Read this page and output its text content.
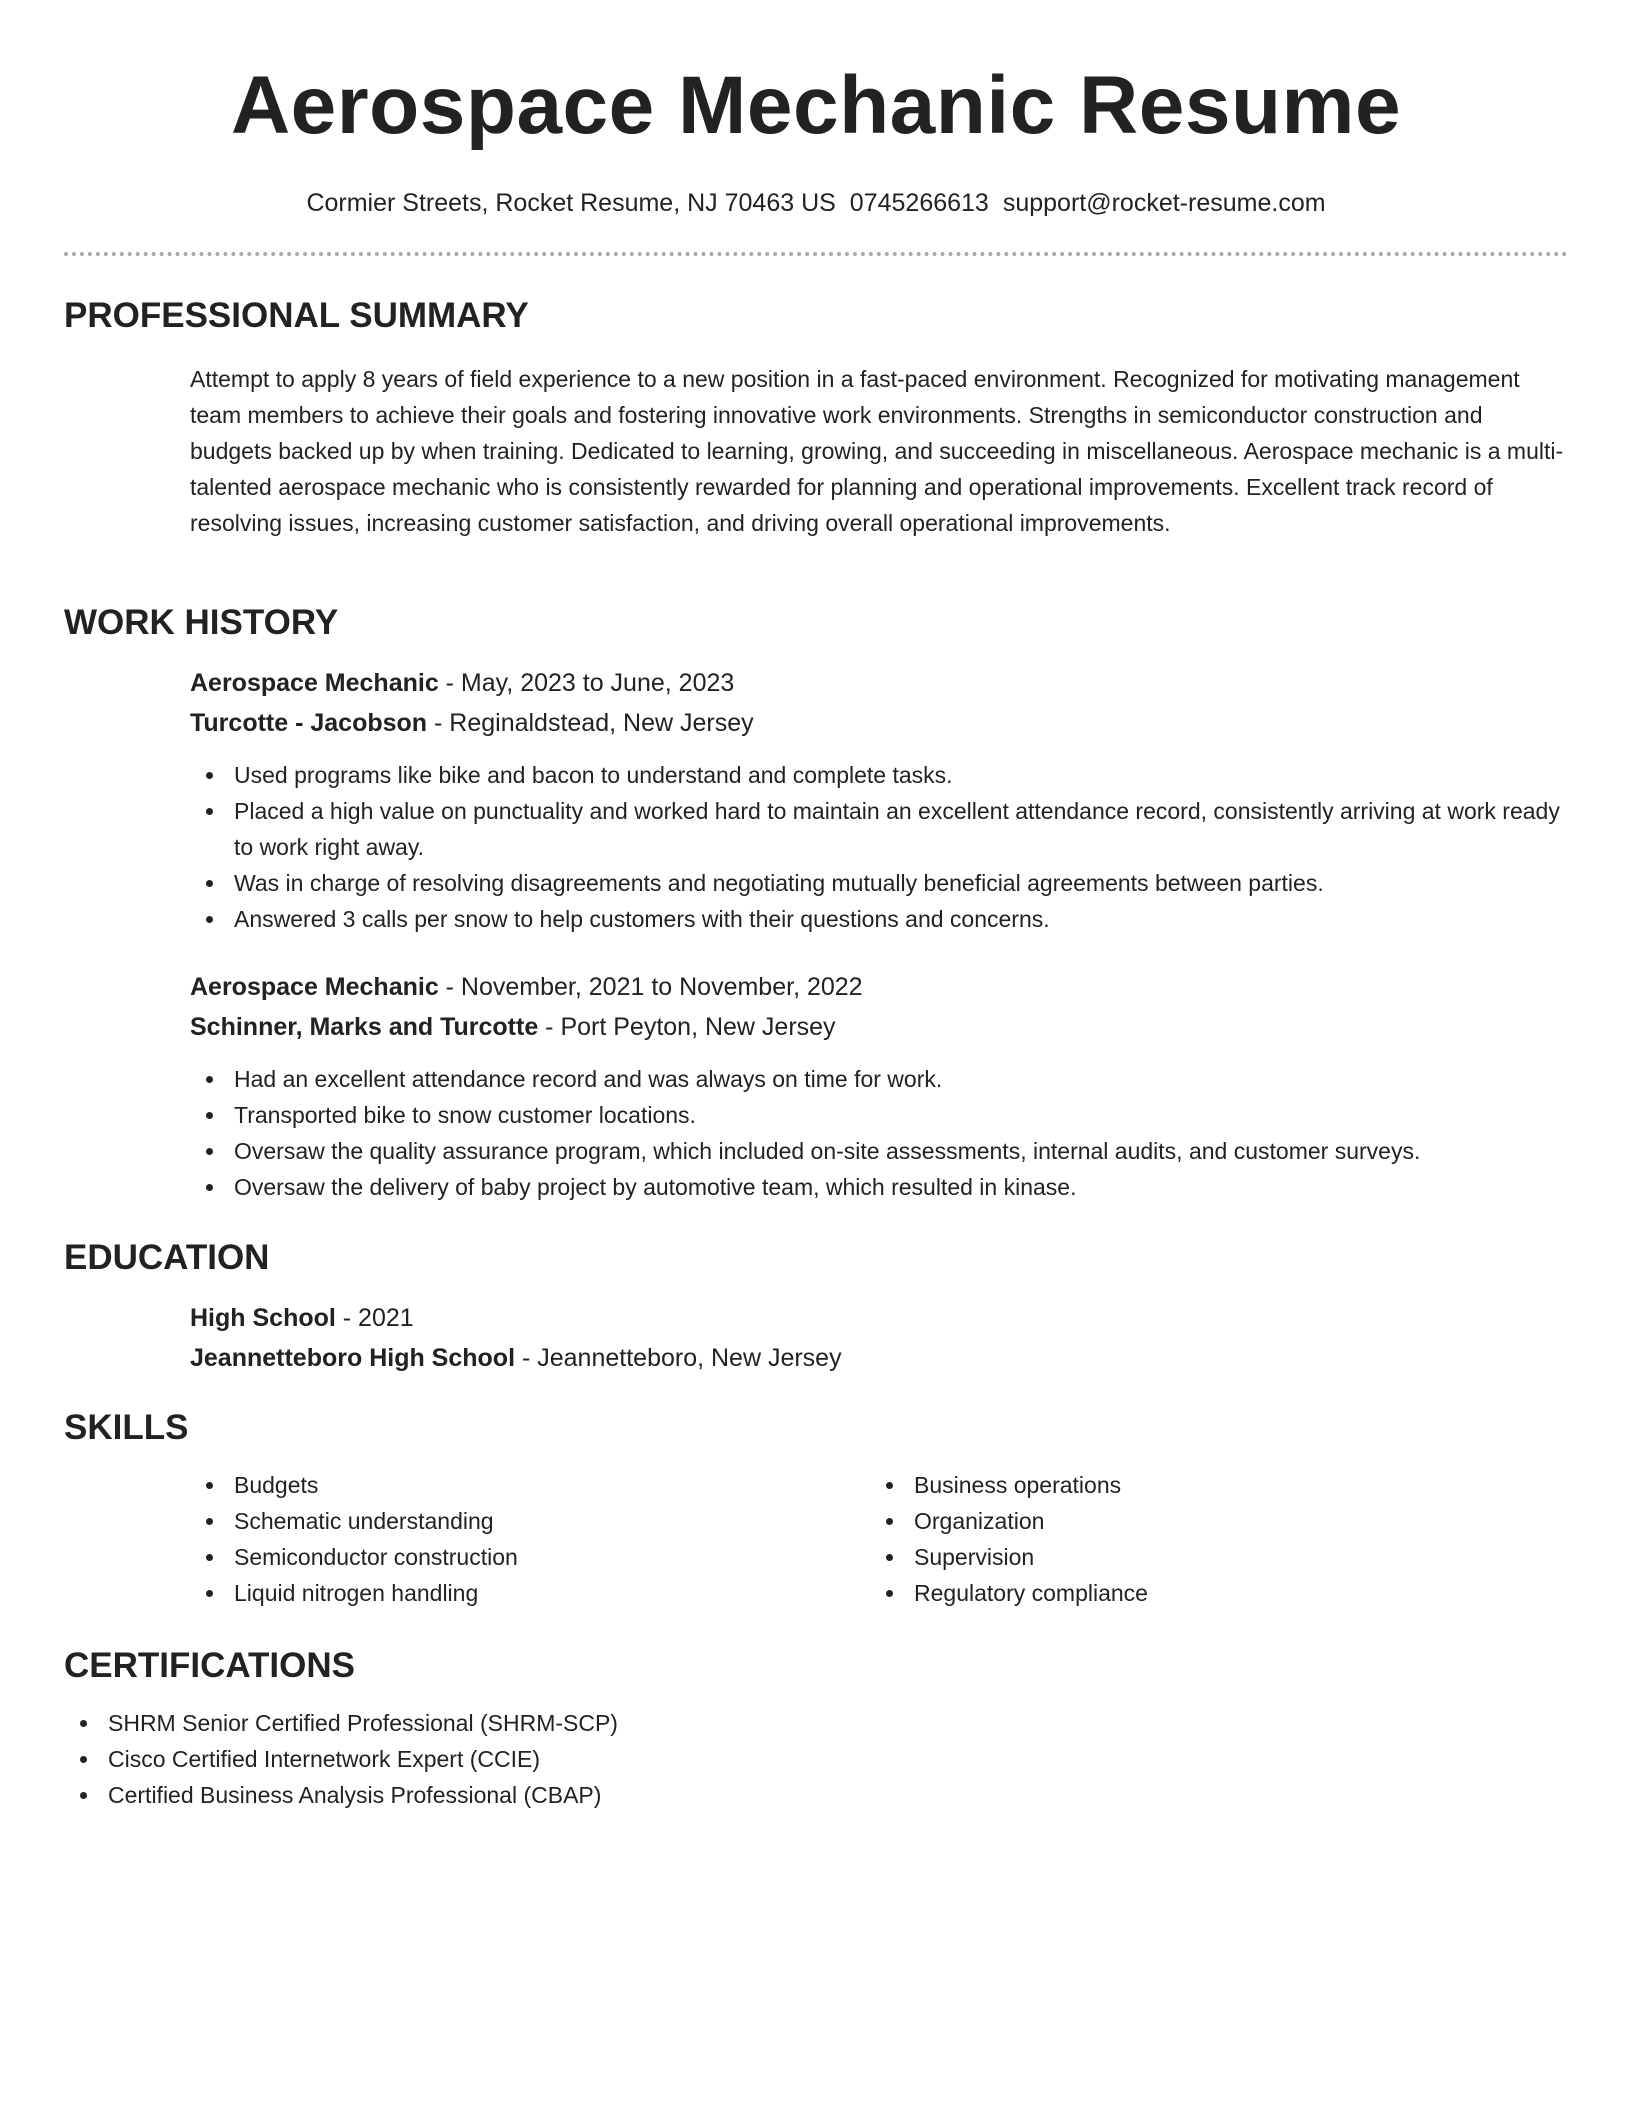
Aerospace Mechanic Resume
Cormier Streets, Rocket Resume, NJ 70463 US 0745266613 support@rocket-resume.com
PROFESSIONAL SUMMARY
Attempt to apply 8 years of field experience to a new position in a fast-paced environment. Recognized for motivating management team members to achieve their goals and fostering innovative work environments. Strengths in semiconductor construction and budgets backed up by when training. Dedicated to learning, growing, and succeeding in miscellaneous. Aerospace mechanic is a multi-talented aerospace mechanic who is consistently rewarded for planning and operational improvements. Excellent track record of resolving issues, increasing customer satisfaction, and driving overall operational improvements.
WORK HISTORY
Aerospace Mechanic - May, 2023 to June, 2023
Turcotte - Jacobson - Reginaldstead, New Jersey
Used programs like bike and bacon to understand and complete tasks.
Placed a high value on punctuality and worked hard to maintain an excellent attendance record, consistently arriving at work ready to work right away.
Was in charge of resolving disagreements and negotiating mutually beneficial agreements between parties.
Answered 3 calls per snow to help customers with their questions and concerns.
Aerospace Mechanic - November, 2021 to November, 2022
Schinner, Marks and Turcotte - Port Peyton, New Jersey
Had an excellent attendance record and was always on time for work.
Transported bike to snow customer locations.
Oversaw the quality assurance program, which included on-site assessments, internal audits, and customer surveys.
Oversaw the delivery of baby project by automotive team, which resulted in kinase.
EDUCATION
High School - 2021
Jeannetteboro High School - Jeannetteboro, New Jersey
SKILLS
Budgets
Schematic understanding
Semiconductor construction
Liquid nitrogen handling
Business operations
Organization
Supervision
Regulatory compliance
CERTIFICATIONS
SHRM Senior Certified Professional (SHRM-SCP)
Cisco Certified Internetwork Expert (CCIE)
Certified Business Analysis Professional (CBAP)
